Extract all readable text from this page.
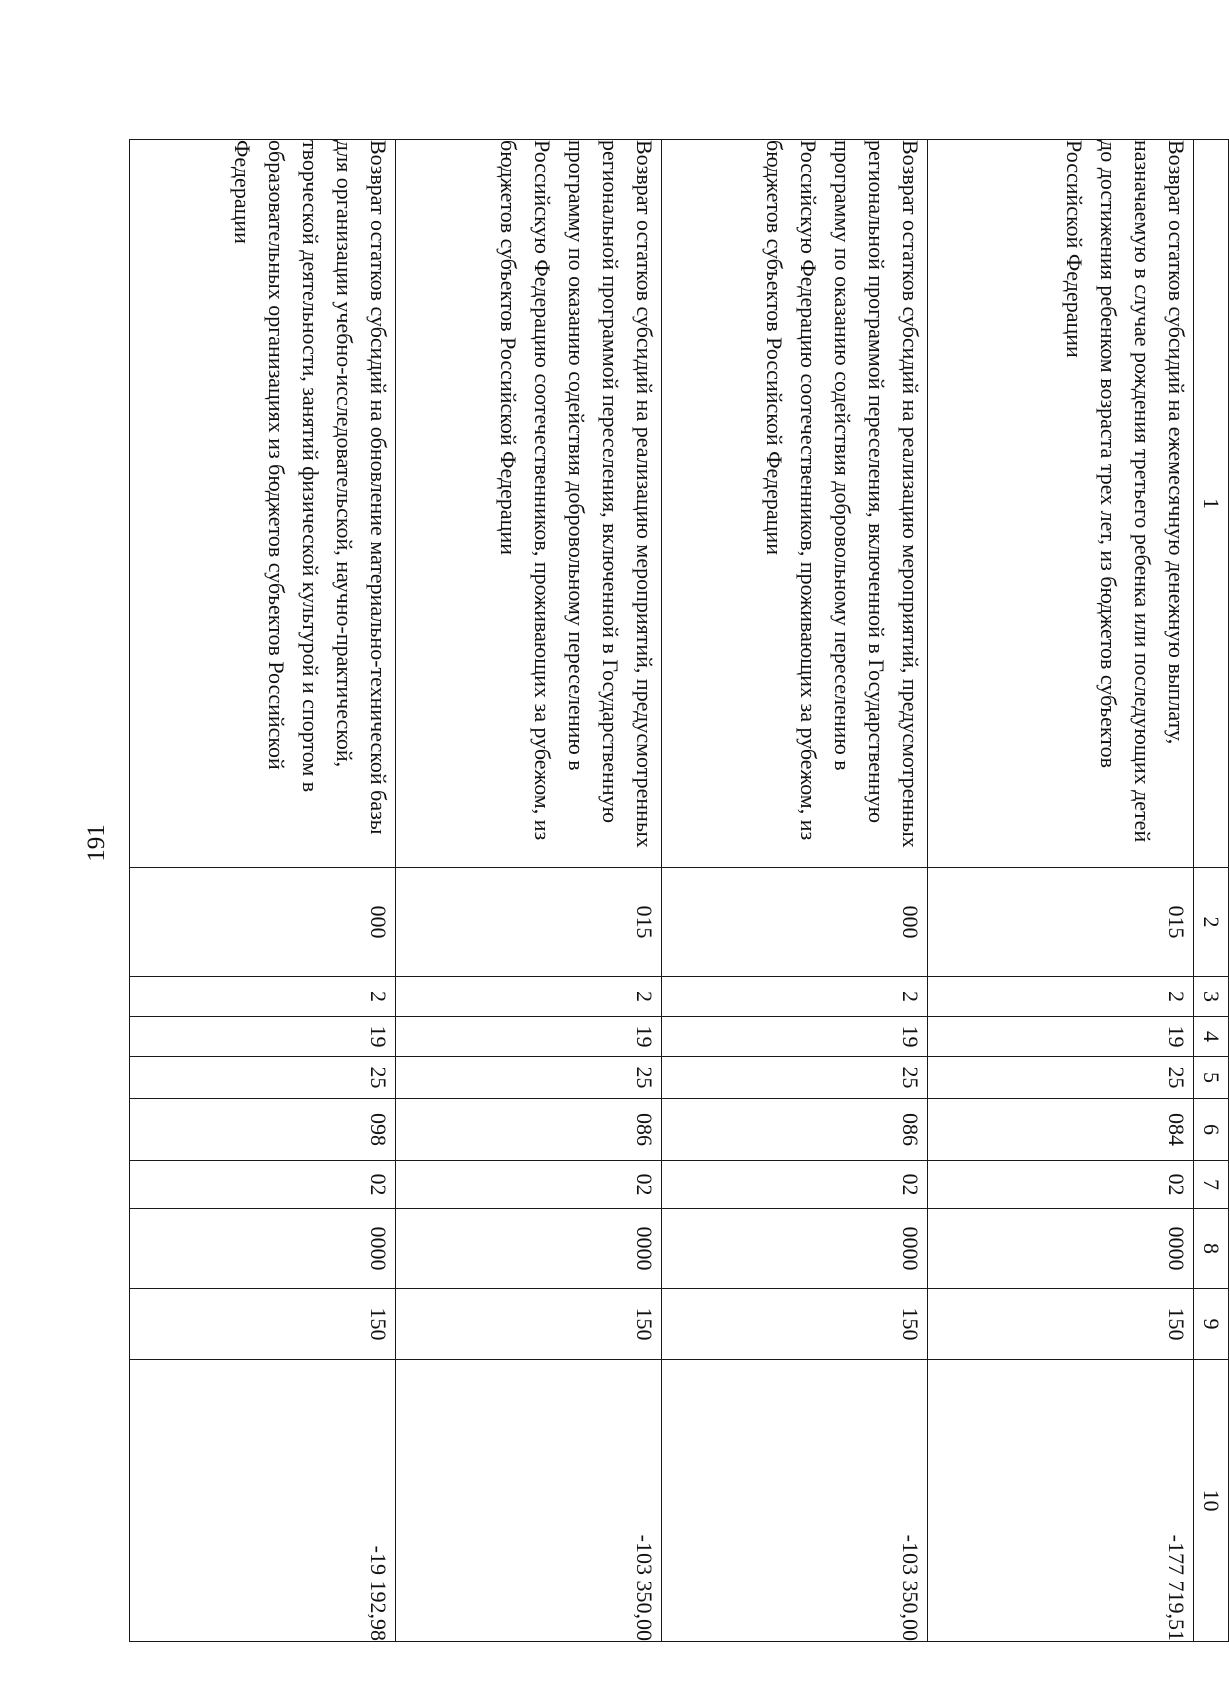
191
1	2	3	4	5	6	7	8	9	10
Возврат остатков субсидий на ежемесячную денежную выплату, назначаемую в случае рождения третьего ребенка или последующих детей до достижения ребенком возраста трех лет, из бюджетов субъектов Российской Федерации	015	2	19	25	084	02	0000	150	-177 719,51
Возврат остатков субсидий на реализацию мероприятий, предусмотренных региональной программой переселения, включенной в Государственную программу по оказанию содействия добровольному переселению в Российскую Федерацию соотечественников, проживающих за рубежом, из бюджетов субъектов Российской Федерации	000	2	19	25	086	02	0000	150	-103 350,00
Возврат остатков субсидий на реализацию мероприятий, предусмотренных региональной программой переселения, включенной в Государственную программу по оказанию содействия добровольному переселению в Российскую Федерацию соотечественников, проживающих за рубежом, из бюджетов субъектов Российской Федерации	015	2	19	25	086	02	0000	150	-103 350,00
Возврат остатков субсидий на обновление материально-технической базы для организации учебно-исследовательской, научно-практической, творческой деятельности, занятий физической культурой и спортом в образовательных организациях из бюджетов субъектов Российской Федерации	000	2	19	25	098	02	0000	150	-19 192,98
